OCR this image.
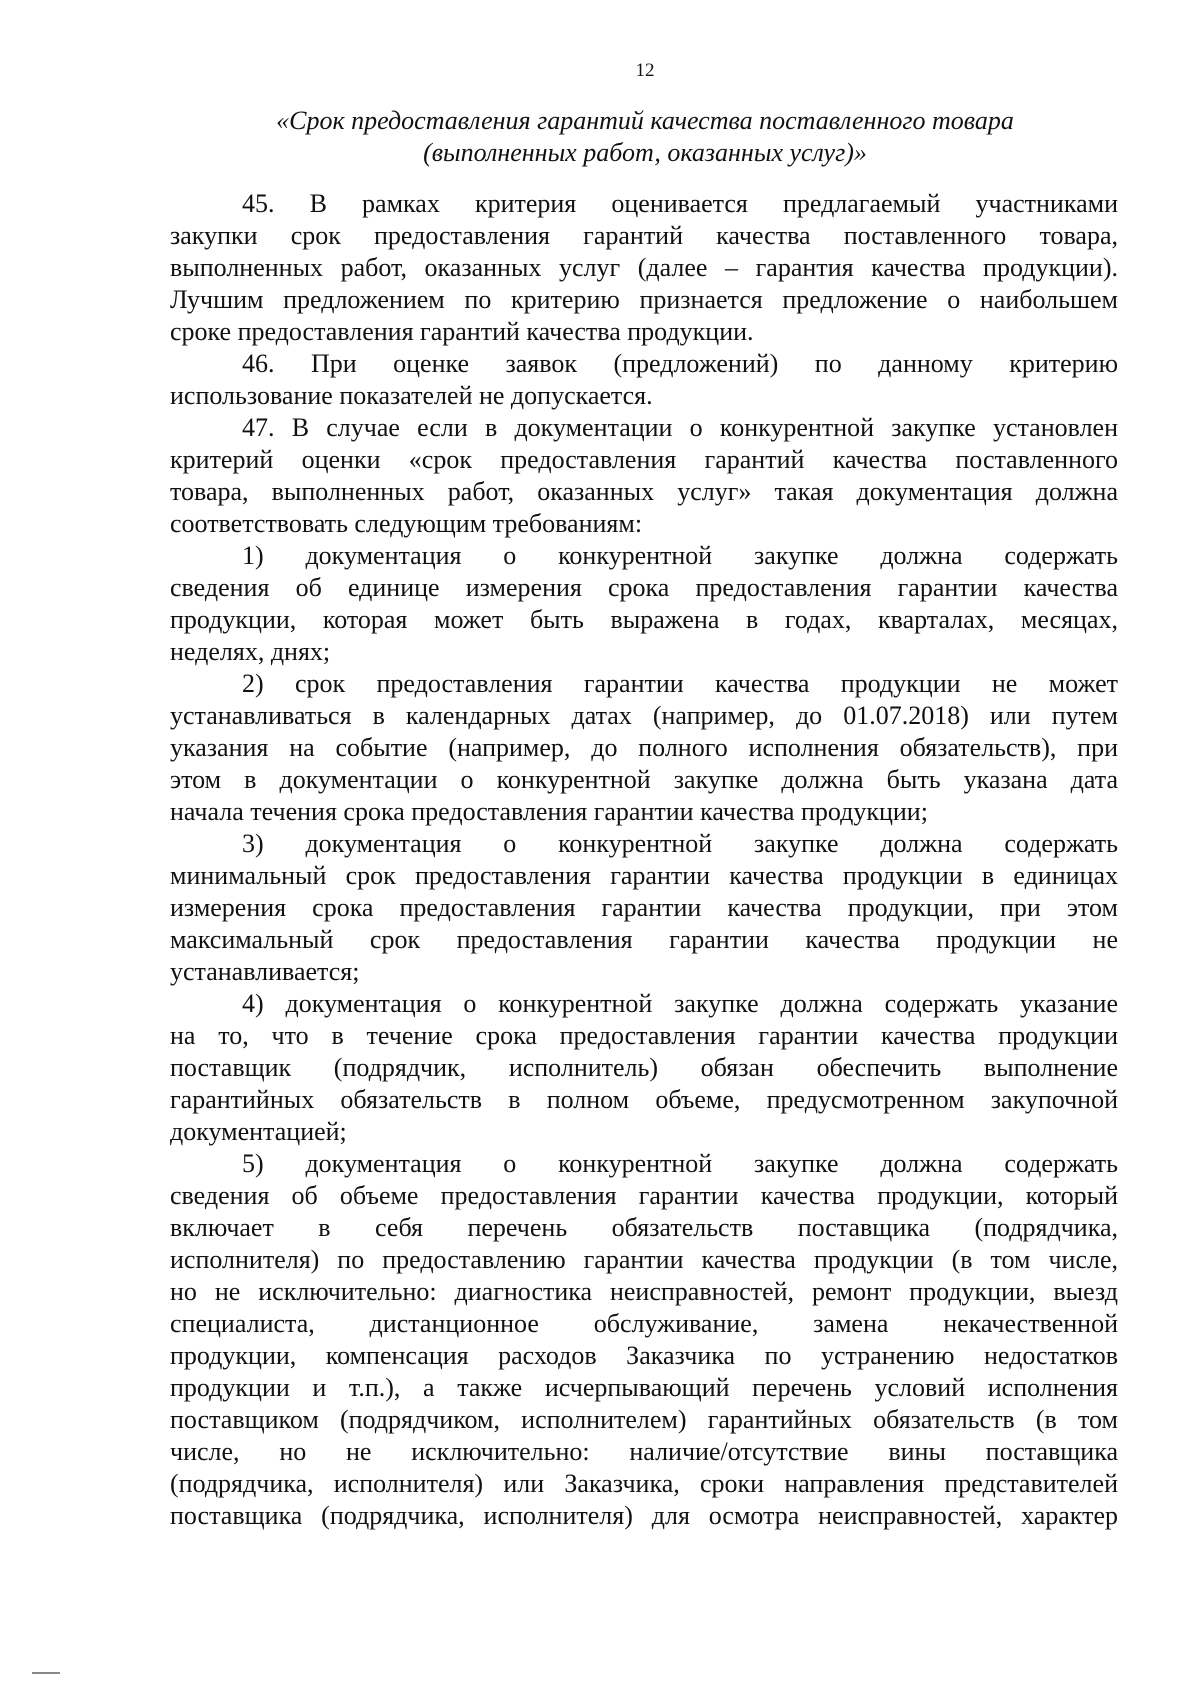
12
«Срок предоставления гарантий качества поставленного товара
(выполненных работ, оказанных услуг)»
45. В рамках критерия оценивается предлагаемый участниками
закупки срок предоставления гарантий качества поставленного товара,
выполненных работ, оказанных услуг (далее – гарантия качества продукции).
Лучшим предложением по критерию признается предложение о наибольшем
сроке предоставления гарантий качества продукции.
46. При оценке заявок (предложений) по данному критерию
использование показателей не допускается.
47. В случае если в документации о конкурентной закупке установлен
критерий оценки «срок предоставления гарантий качества поставленного
товара, выполненных работ, оказанных услуг» такая документация должна
соответствовать следующим требованиям:
1) документация о конкурентной закупке должна содержать
сведения об единице измерения срока предоставления гарантии качества
продукции, которая может быть выражена в годах, кварталах, месяцах,
неделях, днях;
2) срок предоставления гарантии качества продукции не может
устанавливаться в календарных датах (например, до 01.07.2018) или путем
указания на событие (например, до полного исполнения обязательств), при
этом в документации о конкурентной закупке должна быть указана дата
начала течения срока предоставления гарантии качества продукции;
3) документация о конкурентной закупке должна содержать
минимальный срок предоставления гарантии качества продукции в единицах
измерения срока предоставления гарантии качества продукции, при этом
максимальный срок предоставления гарантии качества продукции не
устанавливается;
4) документация о конкурентной закупке должна содержать указание
на то, что в течение срока предоставления гарантии качества продукции
поставщик (подрядчик, исполнитель) обязан обеспечить выполнение
гарантийных обязательств в полном объеме, предусмотренном закупочной
документацией;
5) документация о конкурентной закупке должна содержать
сведения об объеме предоставления гарантии качества продукции, который
включает в себя перечень обязательств поставщика (подрядчика,
исполнителя) по предоставлению гарантии качества продукции (в том числе,
но не исключительно: диагностика неисправностей, ремонт продукции, выезд
специалиста, дистанционное обслуживание, замена некачественной
продукции, компенсация расходов Заказчика по устранению недостатков
продукции и т.п.), а также исчерпывающий перечень условий исполнения
поставщиком (подрядчиком, исполнителем) гарантийных обязательств (в том
числе, но не исключительно: наличие/отсутствие вины поставщика
(подрядчика, исполнителя) или Заказчика, сроки направления представителей
поставщика (подрядчика, исполнителя) для осмотра неисправностей, характер
